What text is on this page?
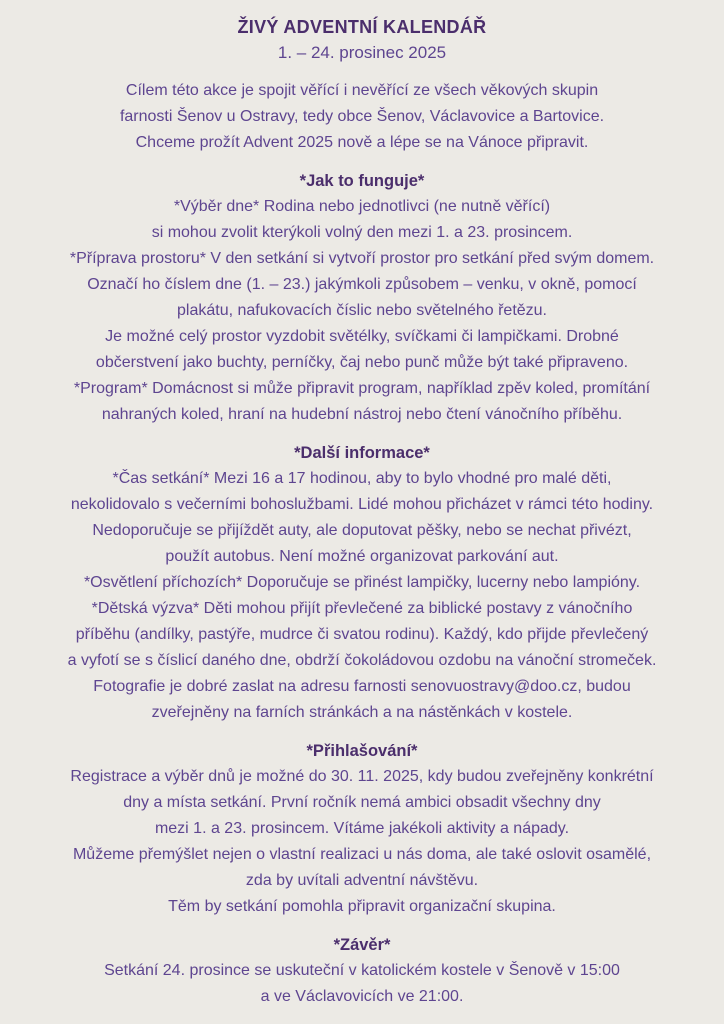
ŽIVÝ ADVENTNÍ KALENDÁŘ
1. – 24. prosinec 2025
Cílem této akce je spojit věřící i nevěřící ze všech věkových skupin
farnosti Šenov u Ostravy, tedy obce Šenov, Václavovice a Bartovice.
Chceme prožít Advent 2025 nově a lépe se na Vánoce připravit.
*Jak to funguje*
*Výběr dne* Rodina nebo jednotlivci (ne nutně věřící)
si mohou zvolit kterýkoli volný den mezi 1. a 23. prosincem.
*Příprava prostoru* V den setkání si vytvoří prostor pro setkání před svým domem.
Označí ho číslem dne (1. – 23.) jakýmkoli způsobem – venku, v okně, pomocí
plakátu, nafukovacích číslic nebo světelného řetězu.
Je možné celý prostor vyzdobit světélky, svíčkami či lampičkami. Drobné
občerstvení jako buchty, perníčky, čaj nebo punč může být také připraveno.
*Program* Domácnost si může připravit program, například zpěv koled, promítání
nahraných koled, hraní na hudební nástroj nebo čtení vánočního příběhu.
*Další informace*
*Čas setkání* Mezi 16 a 17 hodinou, aby to bylo vhodné pro malé děti,
nekolidovalo s večerními bohoslužbami. Lidé mohou přicházet v rámci této hodiny.
Nedoporučuje se přijíždět auty, ale doputovat pěšky, nebo se nechat přivézt,
použít autobus. Není možné organizovat parkování aut.
*Osvětlení příchozích* Doporučuje se přinést lampičky, lucerny nebo lampióny.
*Dětská výzva* Děti mohou přijít převlečené za biblické postavy z vánočního
příběhu (andílky, pastýře, mudrce či svatou rodinu). Každý, kdo přijde převlečený
a vyfotí se s číslicí daného dne, obdrží čokoládovou ozdobu na vánoční stromeček.
Fotografie je dobré zaslat na adresu farnosti senovuostravy@doo.cz, budou
zveřejněny na farních stránkách a na nástěnkách v kostele.
*Přihlašování*
Registrace a výběr dnů je možné do 30. 11. 2025, kdy budou zveřejněny konkrétní
dny a místa setkání. První ročník nemá ambici obsadit všechny dny
mezi 1. a 23. prosincem. Vítáme jakékoli aktivity a nápady.
Můžeme přemýšlet nejen o vlastní realizaci u nás doma, ale také oslovit osamělé,
zda by uvítali adventní návštěvu.
Těm by setkání pomohla připravit organizační skupina.
*Závěr*
Setkání 24. prosince se uskuteční v katolickém kostele v Šenově v 15:00
a ve Václavovicích ve 21:00.
